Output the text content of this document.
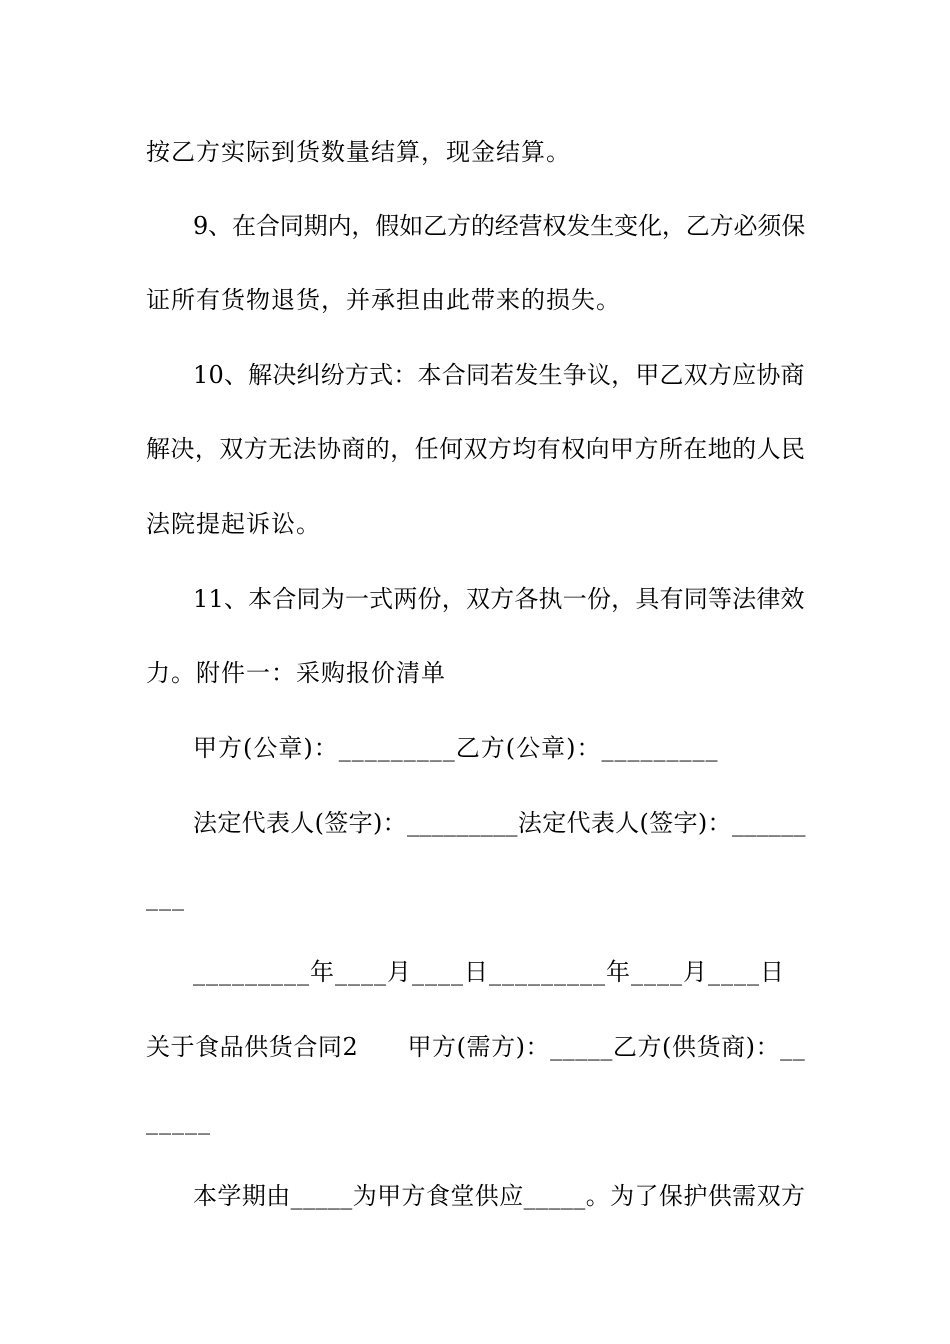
按乙方实际到货数量结算，现金结算。
9、在合同期内，假如乙方的经营权发生变化，乙方必须保
证所有货物退货，并承担由此带来的损失。
10、解决纠纷方式：本合同若发生争议，甲乙双方应协商
解决，双方无法协商的，任何双方均有权向甲方所在地的人民
法院提起诉讼。
11、本合同为一式两份，双方各执一份，具有同等法律效
力。附件一：采购报价清单
甲方(公章)：_________乙方(公章)：_________
法定代表人(签字)：_________法定代表人(签字)：______
___
_________年____月____日_________年____月____日
关于食品供货合同2　　甲方(需方)：_____乙方(供货商)：__
_____
本学期由_____为甲方食堂供应_____。为了保护供需双方
